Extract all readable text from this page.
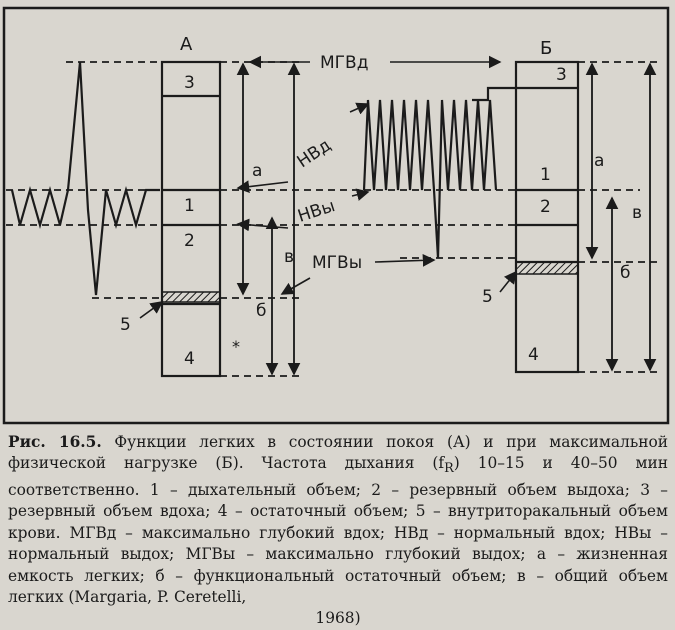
А	Б
3
1
2
4
5
*
а
б
в
3
1
2
4
5
а
в
б
МГВд
НВд
НВы
МГВы
Рис. 16.5. Функции легких в состоянии покоя (А) и при максимальной физической нагрузке (Б). Частота дыхания $(f_R)$ 10–15 и 40–50 мин соответственно. 1 – дыхательный объем; 2 – резервный объем выдоха; 3 – резервный объем вдоха; 4 – остаточный объем; 5 – внутриторакальный объем крови. МГВд – максимально глубокий вдох; НВд – нормальный вдох; НВы – нормальный выдох; МГВы – максимально глубокий выдох; а – жизненная емкость легких; б – функциональный остаточный объем; в – общий объем легких (Margaria, P. Ceretelli,
1968)
